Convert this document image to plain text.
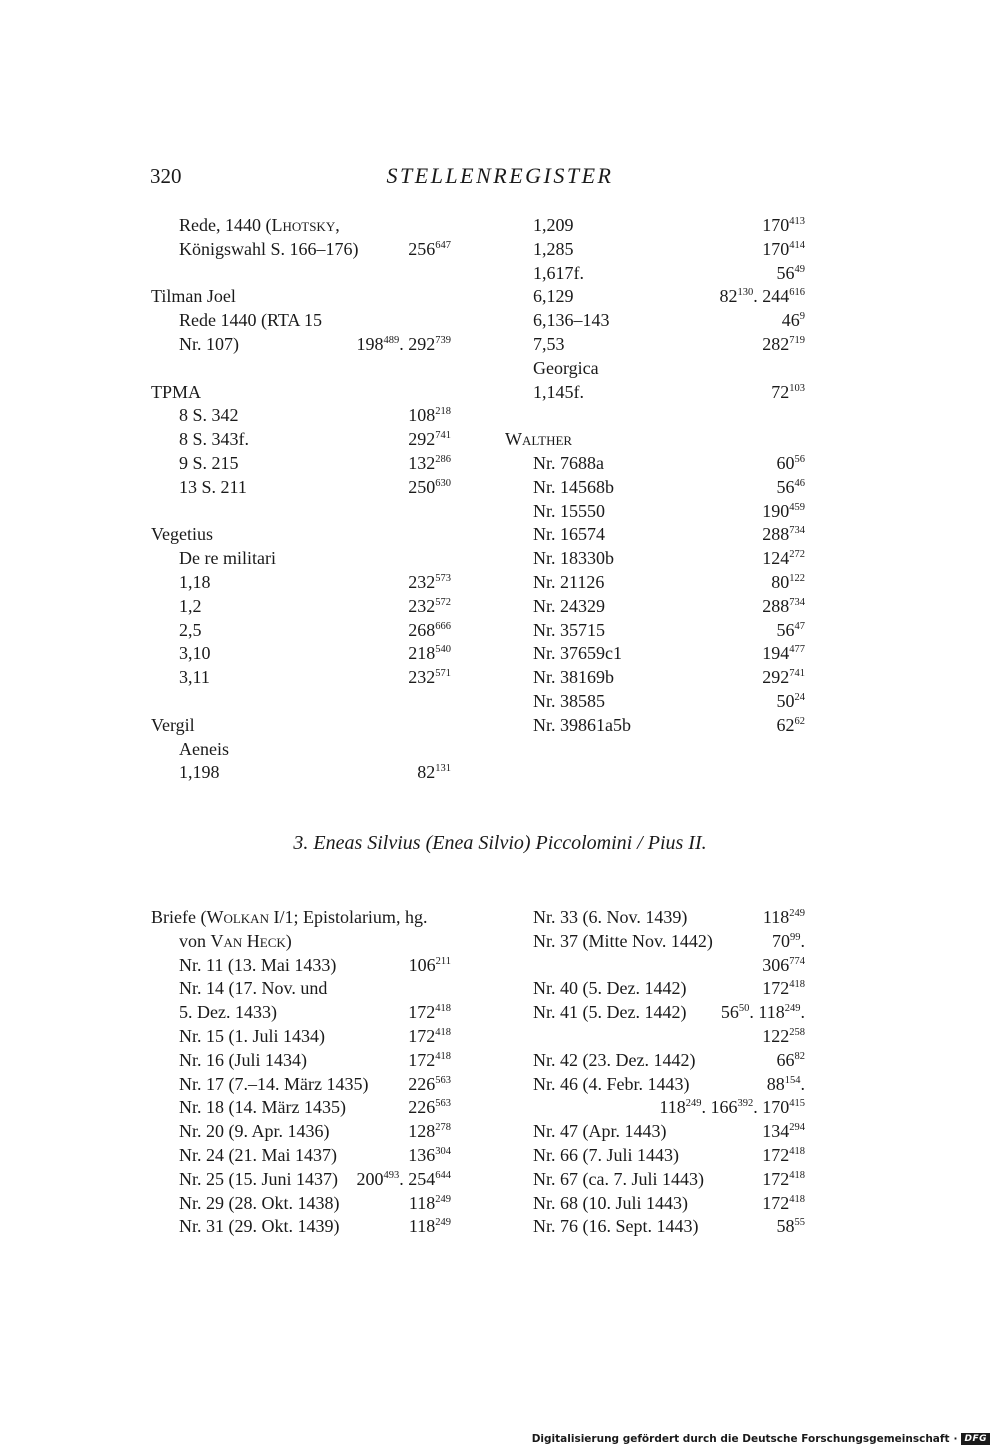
320	STELLENREGISTER
Rede, 1440 (Lhotsky,
Königswahl S. 166–176)	$256^{647}$
Tilman Joel
Rede 1440 (RTA 15
Nr. 107)	$198^{489}$. $292^{739}$
TPMA
8 S. 342	$108^{218}$
8 S. 343f.	$292^{741}$
9 S. 215	$132^{286}$
13 S. 211	$250^{630}$
Vegetius
De re militari
1,18	$232^{573}$
1,2	$232^{572}$
2,5	$268^{666}$
3,10	$218^{540}$
3,11	$232^{571}$
Vergil
Aeneis
1,198	$82^{131}$
1,209	$170^{413}$
1,285	$170^{414}$
1,617f.	$56^{49}$
6,129	$82^{130}$. $244^{616}$
6,136–143	$46^9$
7,53	$282^{719}$
Georgica
1,145f.	$72^{103}$
Walther
Nr. 7688a	$60^{56}$
Nr. 14568b	$56^{46}$
Nr. 15550	$190^{459}$
Nr. 16574	$288^{734}$
Nr. 18330b	$124^{272}$
Nr. 21126	$80^{122}$
Nr. 24329	$288^{734}$
Nr. 35715	$56^{47}$
Nr. 37659c1	$194^{477}$
Nr. 38169b	$292^{741}$
Nr. 38585	$50^{24}$
Nr. 39861a5b	$62^{62}$
3. Eneas Silvius (Enea Silvio) Piccolomini / Pius II.
Briefe (Wolkan I/1; Epistolarium, hg.
von Van Heck)
Nr. 11 (13. Mai 1433)	$106^{211}$
Nr. 14 (17. Nov. und
5. Dez. 1433)	$172^{418}$
Nr. 15 (1. Juli 1434)	$172^{418}$
Nr. 16 (Juli 1434)	$172^{418}$
Nr. 17 (7.–14. März 1435) $226^{563}$
Nr. 18 (14. März 1435)	$226^{563}$
Nr. 20 (9. Apr. 1436)	$128^{278}$
Nr. 24 (21. Mai 1437)	$136^{304}$
Nr. 25 (15. Juni 1437) $200^{493}$. $254^{644}$
Nr. 29 (28. Okt. 1438)	$118^{249}$
Nr. 31 (29. Okt. 1439)	$118^{249}$
Nr. 33 (6. Nov. 1439)	$118^{249}$
Nr. 37 (Mitte Nov. 1442)	$70^{99}$.
$306^{774}$
Nr. 40 (5. Dez. 1442)	$172^{418}$
Nr. 41 (5. Dez. 1442) $56^{50}$. $118^{249}$.
$122^{258}$
Nr. 42 (23. Dez. 1442)	$66^{82}$
Nr. 46 (4. Febr. 1443)	$88^{154}$.
$118^{249}$. $166^{392}$. $170^{415}$
Nr. 47 (Apr. 1443)	$134^{294}$
Nr. 66 (7. Juli 1443)	$172^{418}$
Nr. 67 (ca. 7. Juli 1443)	$172^{418}$
Nr. 68 (10. Juli 1443)	$172^{418}$
Nr. 76 (16. Sept. 1443)	$58^{55}$
Digitalisierung gefördert durch die Deutsche Forschungsgemeinschaft · DFG
